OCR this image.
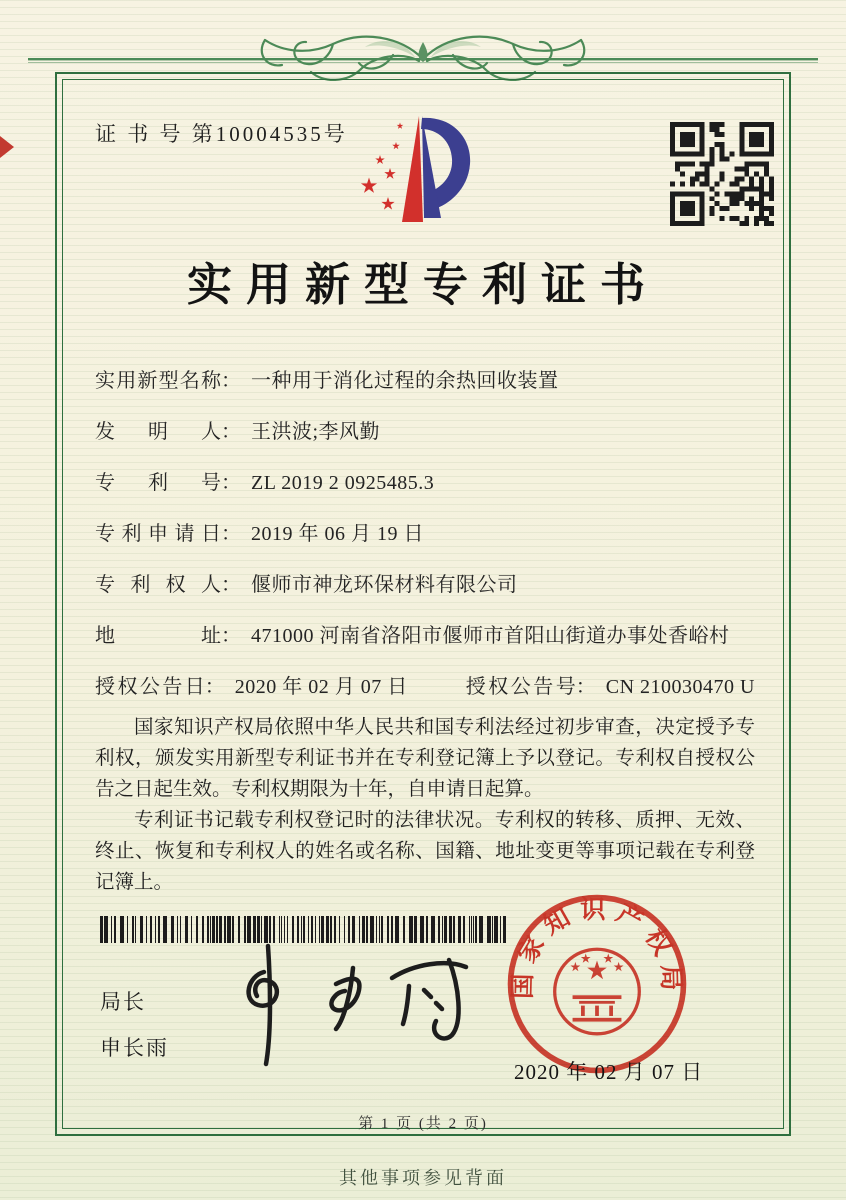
证 书 号 第10004535号
实用新型专利证书
实用新型名称 ： 一种用于消化过程的余热回收装置
发明人 ： 王洪波;李风勤
专利号 ： ZL 2019 2 0925485.3
专利申请日 ： 2019 年 06 月 19 日
专利权人 ： 偃师市神龙环保材料有限公司
地址 ： 471000 河南省洛阳市偃师市首阳山街道办事处香峪村
授权公告日 ： 2020 年 02 月 07 日	授权公告号 ： CN 210030470 U

国家知识产权局依照中华人民共和国专利法经过初步审查，决定授予专利权，颁发实用新型专利证书并在专利登记簿上予以登记。专利权自授权公告之日起生效。专利权期限为十年，自申请日起算。

专利证书记载专利权登记时的法律状况。专利权的转移、质押、无效、终止、恢复和专利权人的姓名或名称、国籍、地址变更等事项记载在专利登记簿上。

局长
申长雨
国家知识产权局
2020 年 02 月 07 日
第 1 页 (共 2 页)
其他事项参见背面
